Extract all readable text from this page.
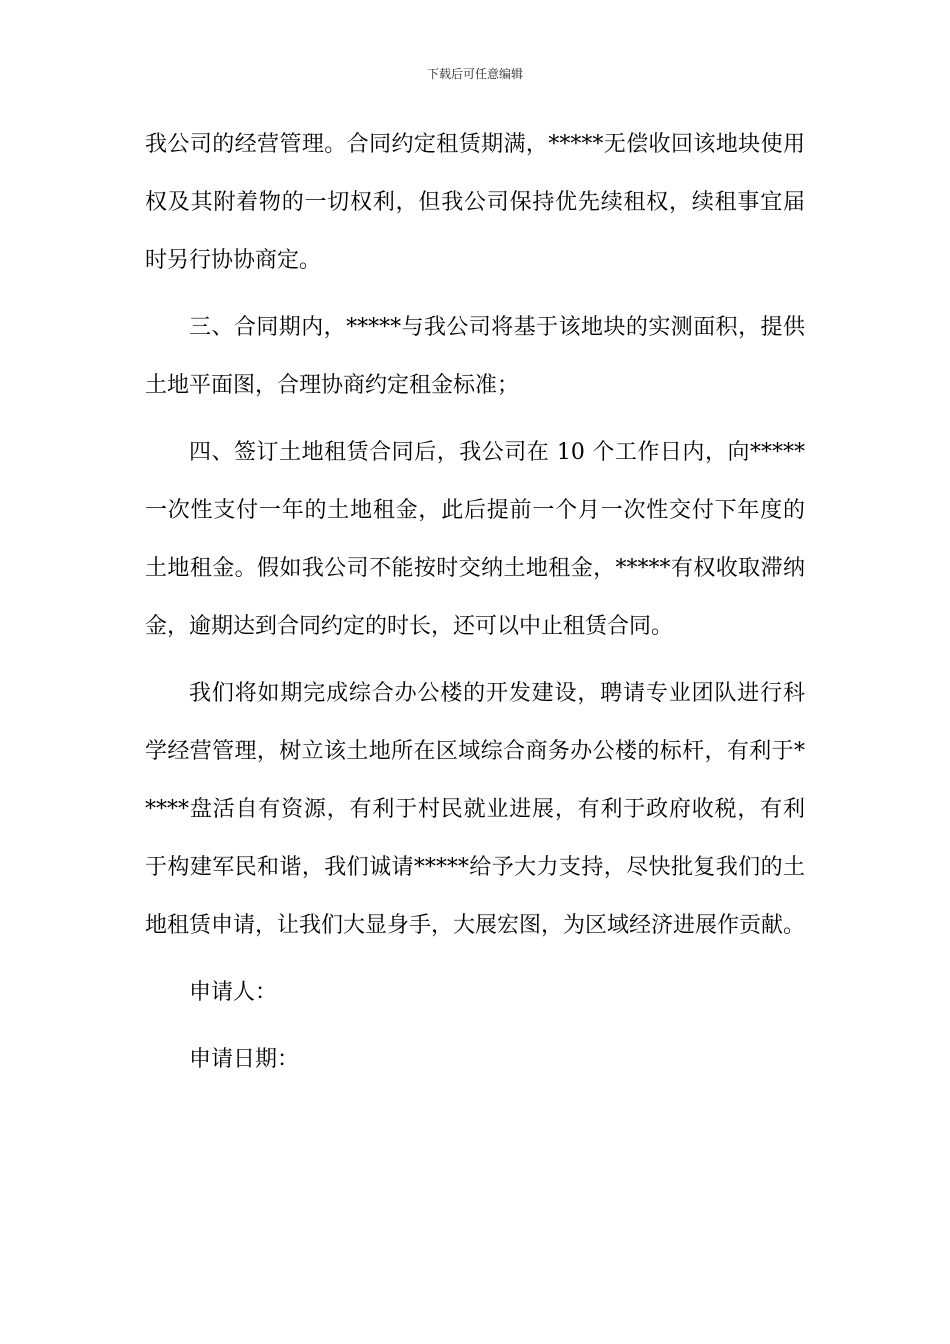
下载后可任意编辑
我公司的经营管理。合同约定租赁期满，*****无偿收回该地块使用
权及其附着物的一切权利，但我公司保持优先续租权，续租事宜届
时另行协协商定。
三、合同期内，*****与我公司将基于该地块的实测面积，提供
土地平面图，合理协商约定租金标准；
四、签订土地租赁合同后，我公司在 10 个工作日内，向*****
一次性支付一年的土地租金，此后提前一个月一次性交付下年度的
土地租金。假如我公司不能按时交纳土地租金，*****有权收取滞纳
金，逾期达到合同约定的时长，还可以中止租赁合同。
我们将如期完成综合办公楼的开发建设，聘请专业团队进行科
学经营管理，树立该土地所在区域综合商务办公楼的标杆，有利于*
****盘活自有资源，有利于村民就业进展，有利于政府收税，有利
于构建军民和谐，我们诚请*****给予大力支持，尽快批复我们的土
地租赁申请，让我们大显身手，大展宏图，为区域经济进展作贡献。
申请人：
申请日期：
